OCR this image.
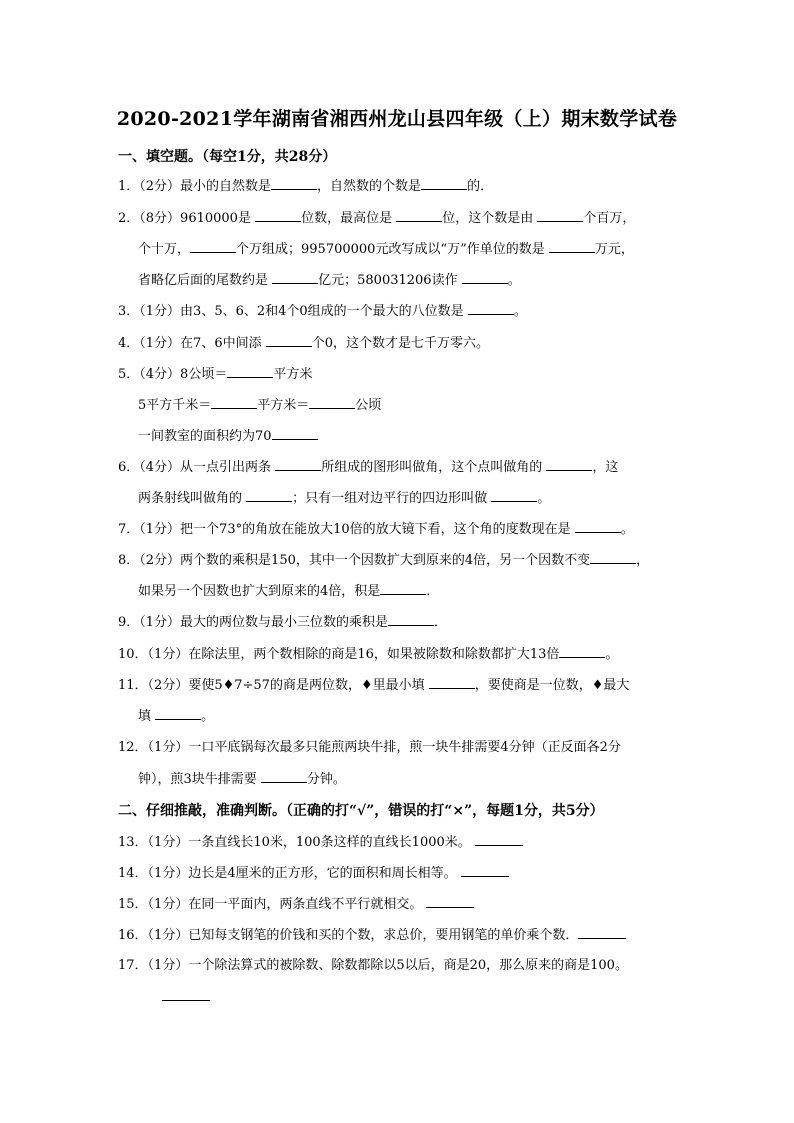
2020-2021学年湖南省湘西州龙山县四年级（上）期末数学试卷
一、填空题。（每空1分，共28分）
1．（2分）最小的自然数是	，自然数的个数是	的．
2．（8分）9610000是	位数，最高位是	位，这个数是由	个百万，
个十万，	个万组成；995700000元改写成以“万”作单位的数是	万元，
省略亿后面的尾数约是	亿元；580031206读作	。
3．（1分）由3、5、6、2和4个0组成的一个最大的八位数是	。
4．（1分）在7、6中间添	个0，这个数才是七千万零六。
5．（4分）8公顷＝	平方米
5平方千米＝	平方米＝	公顷
一间教室的面积约为70
6．（4分）从一点引出两条	所组成的图形叫做角，这个点叫做角的	，这
两条射线叫做角的	；只有一组对边平行的四边形叫做	。
7．（1分）把一个73°的角放在能放大10倍的放大镜下看，这个角的度数现在是	。
8．（2分）两个数的乘积是150，其中一个因数扩大到原来的4倍，另一个因数不变	，
如果另一个因数也扩大到原来的4倍，积是	．
9．（1分）最大的两位数与最小三位数的乘积是	．
10．（1分）在除法里，两个数相除的商是16，如果被除数和除数都扩大13倍	。
11．（2分）要使5♦7÷57的商是两位数，♦里最小填	，要使商是一位数，♦最大
填	。
12．（1分）一口平底锅每次最多只能煎两块牛排，煎一块牛排需要4分钟（正反面各2分
钟），煎3块牛排需要	分钟。
二、仔细推敲，准确判断。（正确的打“√”，错误的打“×”，每题1分，共5分）
13．（1分）一条直线长10米，100条这样的直线长1000米。
14．（1分）边长是4厘米的正方形，它的面积和周长相等。
15．（1分）在同一平面内，两条直线不平行就相交。
16．（1分）已知每支钢笔的价钱和买的个数，求总价，要用钢笔的单价乘个数．
17．（1分）一个除法算式的被除数、除数都除以5以后，商是20，那么原来的商是100。
